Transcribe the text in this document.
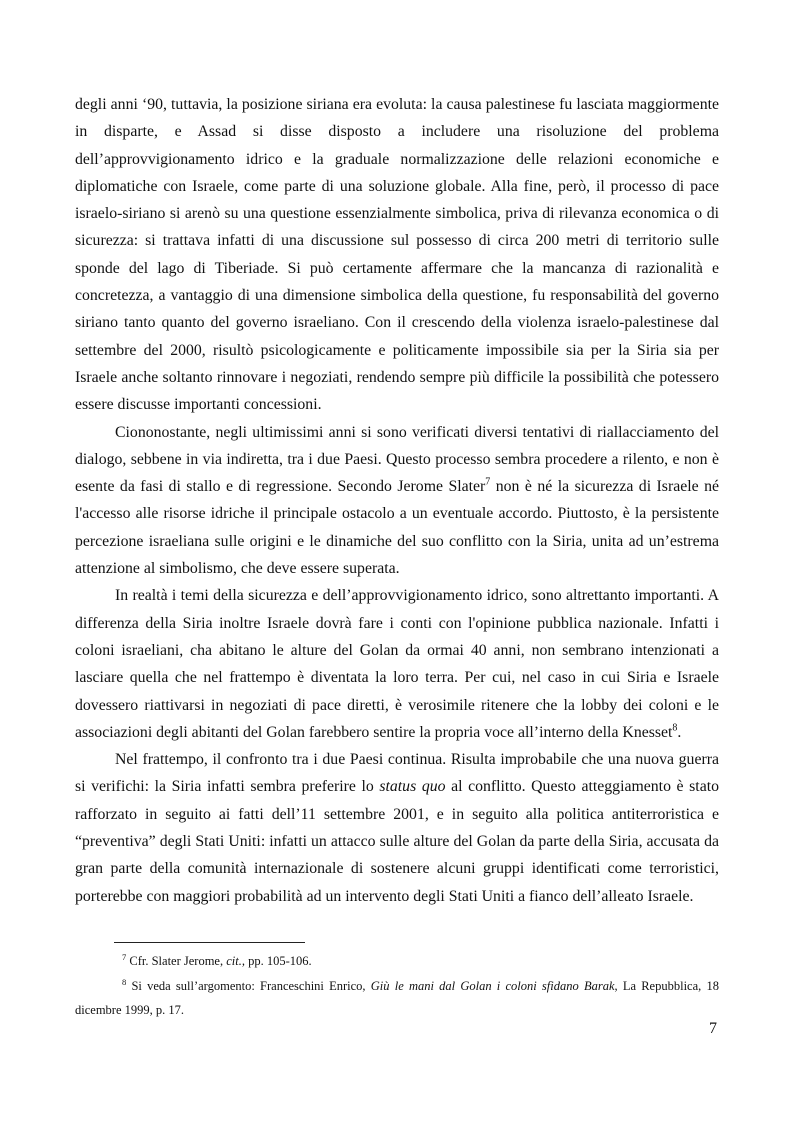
degli anni ‘90, tuttavia, la posizione siriana era evoluta: la causa palestinese fu lasciata maggiormente in disparte, e Assad si disse disposto a includere una risoluzione del problema dell’approvvigionamento idrico e la graduale normalizzazione delle relazioni economiche e diplomatiche con Israele, come parte di una soluzione globale. Alla fine, però, il processo di pace israelo-siriano si arenò su una questione essenzialmente simbolica, priva di rilevanza economica o di sicurezza: si trattava infatti di una discussione sul possesso di circa 200 metri di territorio sulle sponde del lago di Tiberiade. Si può certamente affermare che la mancanza di razionalità e concretezza, a vantaggio di una dimensione simbolica della questione, fu responsabilità del governo siriano tanto quanto del governo israeliano. Con il crescendo della violenza israelo-palestinese dal settembre del 2000, risultò psicologicamente e politicamente impossibile sia per la Siria sia per Israele anche soltanto rinnovare i negoziati, rendendo sempre più difficile la possibilità che potessero essere discusse importanti concessioni.

Ciononostante, negli ultimissimi anni si sono verificati diversi tentativi di riallacciamento del dialogo, sebbene in via indiretta, tra i due Paesi. Questo processo sembra procedere a rilento, e non è esente da fasi di stallo e di regressione. Secondo Jerome Slater$^7$ non è né la sicurezza di Israele né l'accesso alle risorse idriche il principale ostacolo a un eventuale accordo. Piuttosto, è la persistente percezione israeliana sulle origini e le dinamiche del suo conflitto con la Siria, unita ad un’estrema attenzione al simbolismo, che deve essere superata.

In realtà i temi della sicurezza e dell’approvvigionamento idrico, sono altrettanto importanti. A differenza della Siria inoltre Israele dovrà fare i conti con l'opinione pubblica nazionale. Infatti i coloni israeliani, cha abitano le alture del Golan da ormai 40 anni, non sembrano intenzionati a lasciare quella che nel frattempo è diventata la loro terra. Per cui, nel caso in cui Siria e Israele dovessero riattivarsi in negoziati di pace diretti, è verosimile ritenere che la lobby dei coloni e le associazioni degli abitanti del Golan farebbero sentire la propria voce all’interno della Knesset$^8$.

Nel frattempo, il confronto tra i due Paesi continua. Risulta improbabile che una nuova guerra si verifichi: la Siria infatti sembra preferire lo status quo al conflitto. Questo atteggiamento è stato rafforzato in seguito ai fatti dell’11 settembre 2001, e in seguito alla politica antiterroristica e “preventiva” degli Stati Uniti: infatti un attacco sulle alture del Golan da parte della Siria, accusata da gran parte della comunità internazionale di sostenere alcuni gruppi identificati come terroristici, porterebbe con maggiori probabilità ad un intervento degli Stati Uniti a fianco dell’alleato Israele.

$^7$ Cfr. Slater Jerome, cit., pp. 105-106.

$^8$ Si veda sull’argomento: Franceschini Enrico, Giù le mani dal Golan i coloni sfidano Barak, La Repubblica, 18 dicembre 1999, p. 17.

7
